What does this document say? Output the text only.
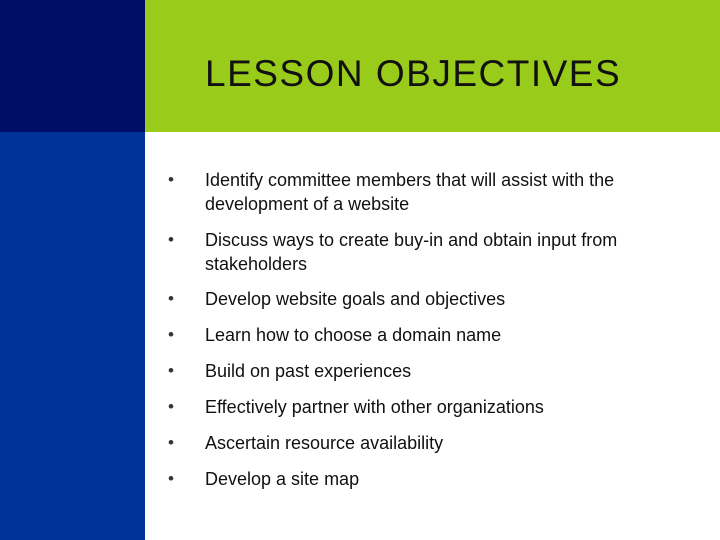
LESSON OBJECTIVES
• Identify committee members that will assist with the development of a website
• Discuss ways to create buy-in and obtain input from stakeholders
• Develop website goals and objectives
• Learn how to choose a domain name
• Build on past experiences
• Effectively partner with other organizations
• Ascertain resource availability
• Develop a site map
